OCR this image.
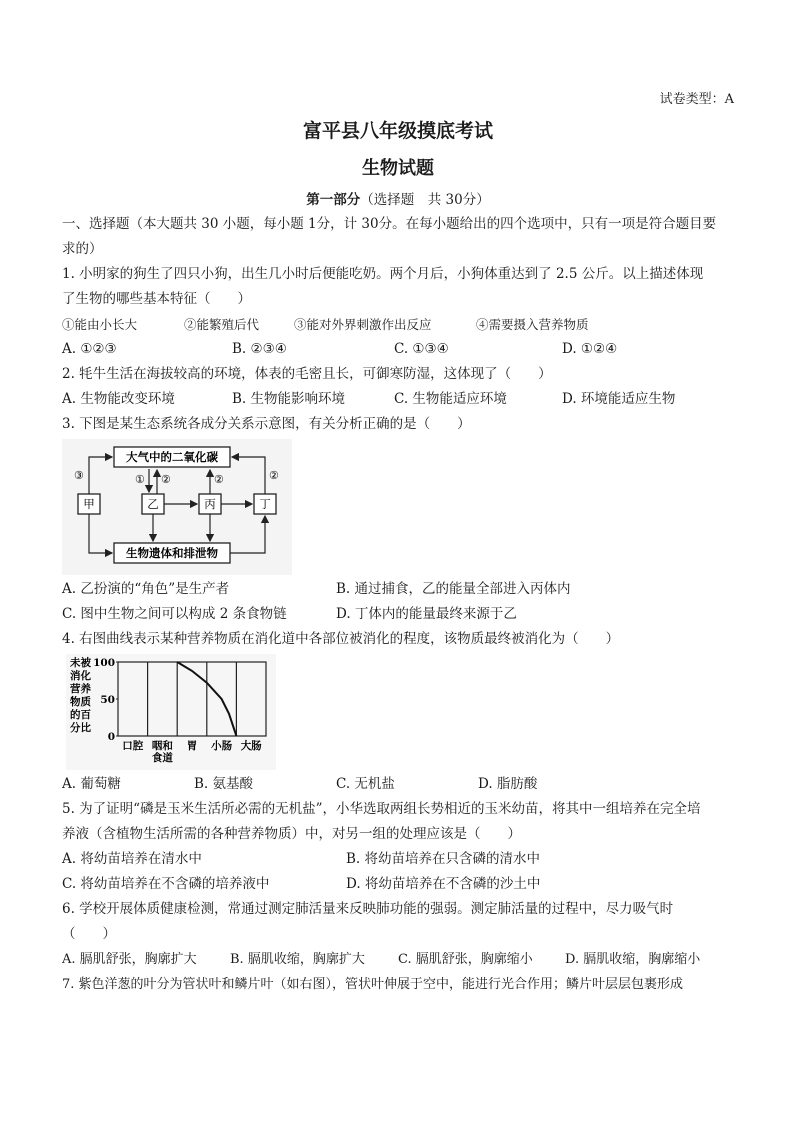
试卷类型：A
富平县八年级摸底考试
生物试题
第一部分（选择题　共 30分）
一、选择题（本大题共 30 小题，每小题 1分，计 30分。在每小题给出的四个选项中，只有一项是符合题目要
求的）
1. 小明家的狗生了四只小狗，出生几小时后便能吃奶。两个月后，小狗体重达到了 2.5 公斤。以上描述体现
了生物的哪些基本特征（　　）
①能由小长大	②能繁殖后代	③能对外界刺激作出反应	④需要摄入营养物质
A. ①②③	B. ②③④	C. ①③④	D. ①②④
2. 牦牛生活在海拔较高的环境，体表的毛密且长，可御寒防湿，这体现了（　　）
A. 生物能改变环境	B. 生物能影响环境	C. 生物能适应环境	D. 环境能适应生物
3. 下图是某生态系统各成分关系示意图，有关分析正确的是（　　）
大气中的二氧化碳
生物遗体和排泄物
甲	乙	丙	丁
③	① ②	②	②
A. 乙扮演的“角色”是生产者	B. 通过捕食，乙的能量全部进入丙体内
C. 图中生物之间可以构成 2 条食物链	D. 丁体内的能量最终来源于乙
4. 右图曲线表示某种营养物质在消化道中各部位被消化的程度，该物质最终被消化为（　　）
未被
消化
营养
物质
的百
分比
100
50
0
口腔 咽和
食道
胃 小肠 大肠
A. 葡萄糖	B. 氨基酸	C. 无机盐	D. 脂肪酸
5. 为了证明“磷是玉米生活所必需的无机盐”，小华选取两组长势相近的玉米幼苗，将其中一组培养在完全培
养液（含植物生活所需的各种营养物质）中，对另一组的处理应该是（　　）
A. 将幼苗培养在清水中	B. 将幼苗培养在只含磷的清水中
C. 将幼苗培养在不含磷的培养液中	D. 将幼苗培养在不含磷的沙土中
6. 学校开展体质健康检测，常通过测定肺活量来反映肺功能的强弱。测定肺活量的过程中，尽力吸气时
（　　）
A. 膈肌舒张，胸廓扩大	B. 膈肌收缩，胸廓扩大	C. 膈肌舒张，胸廓缩小 D. 膈肌收缩，胸廓缩小
7. 紫色洋葱的叶分为管状叶和鳞片叶（如右图），管状叶伸展于空中，能进行光合作用；鳞片叶层层包裹形成
